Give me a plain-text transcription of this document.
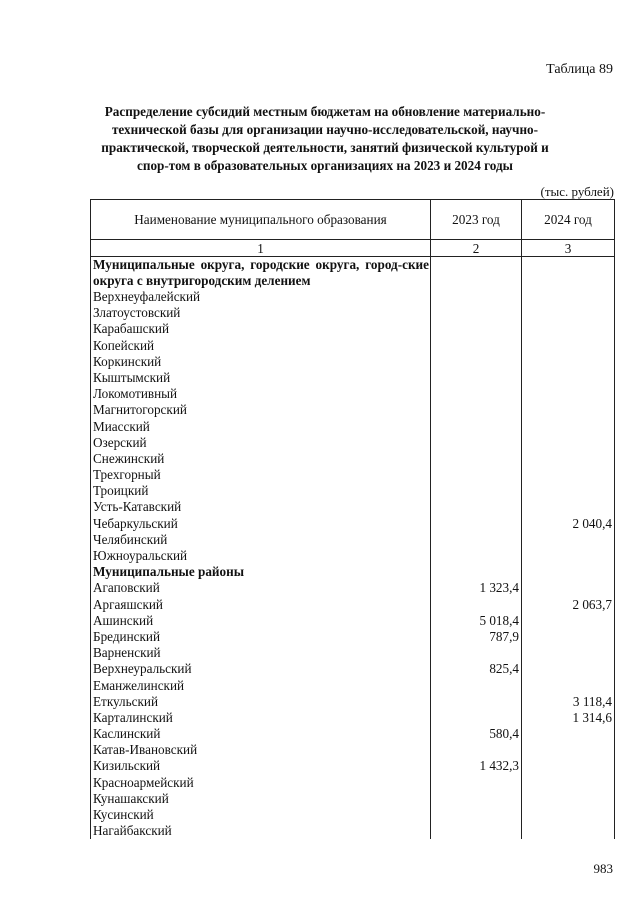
Таблица 89
Распределение субсидий местным бюджетам на обновление материально-технической базы для организации научно-исследовательской, научно-практической, творческой деятельности, занятий физической культурой и спор-том в образовательных организациях на 2023 и 2024 годы
(тыс. рублей)
Наименование муниципального образования	2023 год	2024 год
1	2	3
Муниципальные округа, городские округа, город-ские округа с внутригородским делением		
Верхнеуфалейский		
Златоустовский		
Карабашский		
Копейский		
Коркинский		
Кыштымский		
Локомотивный		
Магнитогорский		
Миасский		
Озерский		
Снежинский		
Трехгорный		
Троицкий		
Усть-Катавский		
Чебаркульский		2 040,4
Челябинский		
Южноуральский		
Муниципальные районы		
Агаповский	1 323,4	
Аргаяшский		2 063,7
Ашинский	5 018,4	
Брединский	787,9	
Варненский		
Верхнеуральский	825,4	
Еманжелинский		
Еткульский		3 118,4
Карталинский		1 314,6
Каслинский	580,4	
Катав-Ивановский		
Кизильский	1 432,3	
Красноармейский		
Кунашакский		
Кусинский		
Нагайбакский		
983
